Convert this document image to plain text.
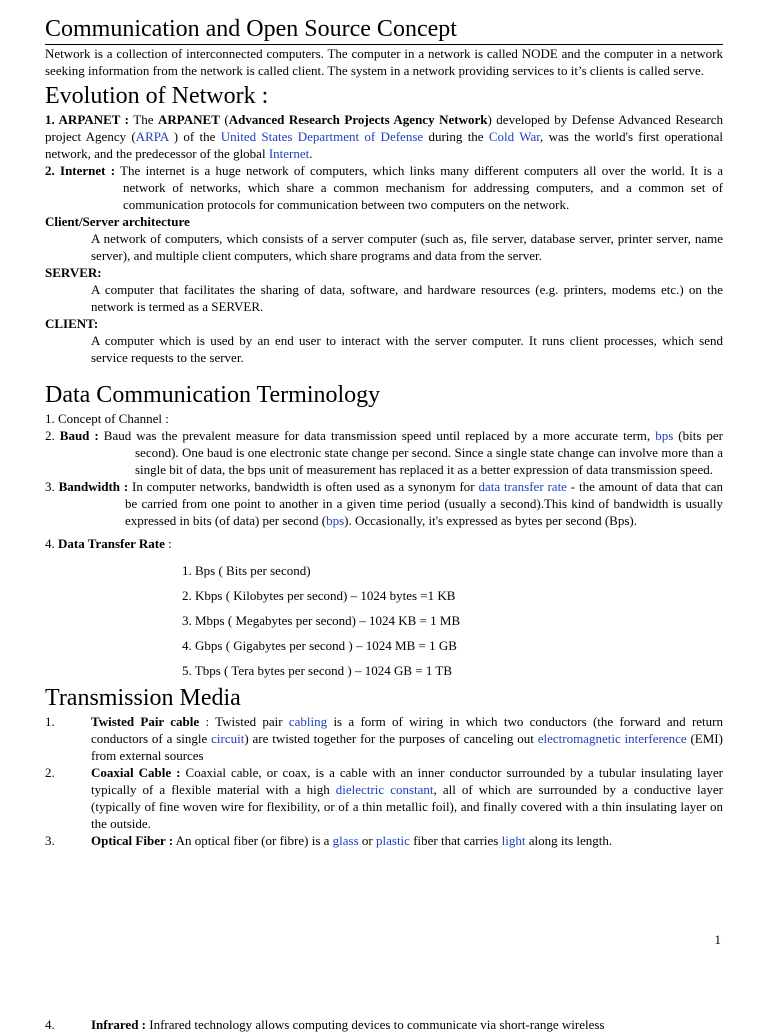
Communication and Open Source Concept

Network is a collection of interconnected computers. The computer in a network is called NODE and the computer in a network seeking information from the network is called client. The system in a network providing services to it’s clients is called serve.

Evolution of Network :

1. ARPANET : The ARPANET (Advanced Research Projects Agency Network) developed by Defense Advanced Research project Agency (ARPA ) of the United States Department of Defense during the Cold War, was the world's first operational network, and the predecessor of the global Internet.

2. Internet : The internet is a huge network of computers, which links many different computers all over the world. It is a network of networks, which share a common mechanism for addressing computers, and a common set of communication protocols for communication between two computers on the network.

Client/Server architecture

A network of computers, which consists of a server computer (such as, file server, database server, printer server, name server), and multiple client computers, which share programs and data from the server.

SERVER:

A computer that facilitates the sharing of data, software, and hardware resources (e.g. printers, modems etc.) on the network is termed as a SERVER.

CLIENT:

A computer which is used by an end user to interact with the server computer. It runs client processes, which send service requests to the server.

Data Communication Terminology

1. Concept of Channel :

2. Baud : Baud was the prevalent measure for data transmission speed until replaced by a more accurate term, bps (bits per second). One baud is one electronic state change per second. Since a single state change can involve more than a single bit of data, the bps unit of measurement has replaced it as a better expression of data transmission speed.

3. Bandwidth : In computer networks, bandwidth is often used as a synonym for data transfer rate - the amount of data that can be carried from one point to another in a given time period (usually a second).This kind of bandwidth is usually expressed in bits (of data) per second (bps). Occasionally, it's expressed as bytes per second (Bps).

4. Data Transfer Rate :

1. Bps ( Bits per second)
2. Kbps ( Kilobytes per second) – 1024 bytes =1 KB
3. Mbps ( Megabytes per second) – 1024 KB = 1 MB
4. Gbps ( Gigabytes per second ) – 1024 MB = 1 GB
5. Tbps ( Tera bytes per second ) – 1024 GB = 1 TB
Transmission Media
1.	Twisted Pair cable : Twisted pair cabling is a form of wiring in which two conductors (the forward and return conductors of a single circuit) are twisted together for the purposes of canceling out electromagnetic interference (EMI) from external sources
2.	Coaxial Cable : Coaxial cable, or coax, is a cable with an inner conductor surrounded by a tubular insulating layer typically of a flexible material with a high dielectric constant, all of which are surrounded by a conductive layer (typically of fine woven wire for flexibility, or of a thin metallic foil), and finally covered with a thin insulating layer on the outside.
3.	Optical Fiber : An optical fiber (or fibre) is a glass or plastic fiber that carries light along its length.
1
4.	Infrared : Infrared technology allows computing devices to communicate via short-range wireless
